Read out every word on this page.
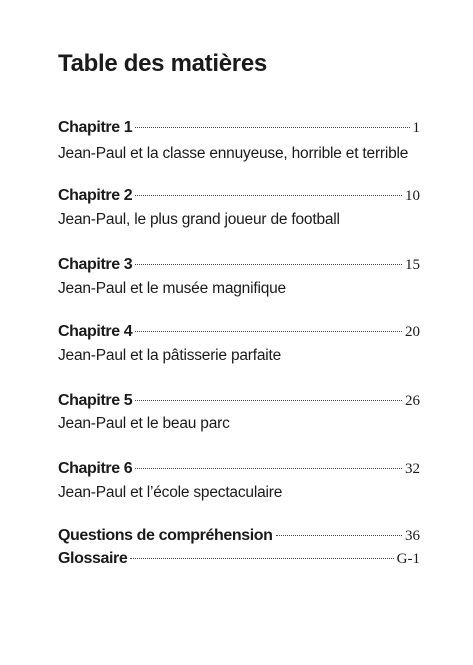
Table des matières
Chapitre 1	1
Jean-Paul et la classe ennuyeuse, horrible et terrible
Chapitre 2	10
Jean-Paul, le plus grand joueur de football
Chapitre 3	15
Jean-Paul et le musée magnifique
Chapitre 4	20
Jean-Paul et la pâtisserie parfaite
Chapitre 5	26
Jean-Paul et le beau parc
Chapitre 6	32
Jean-Paul et l’école spectaculaire
Questions de compréhension	36
Glossaire	G-1
